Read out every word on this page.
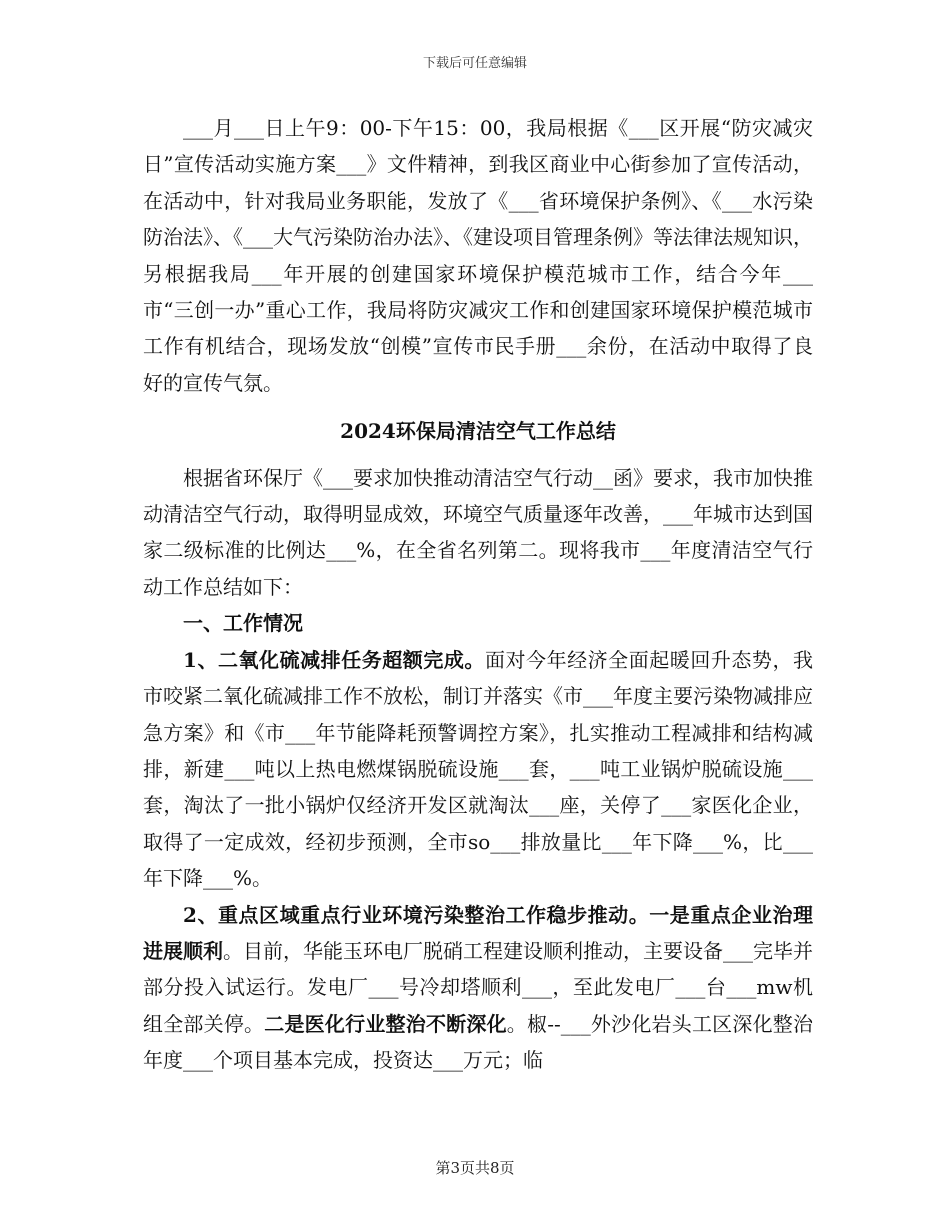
下载后可任意编辑

___月___日上午9：00-下午15：00，我局根据《___区开展“防灾减灾日”宣传活动实施方案___》文件精神，到我区商业中心街参加了宣传活动，在活动中，针对我局业务职能，发放了《___省环境保护条例》、《___水污染防治法》、《___大气污染防治办法》、《建设项目管理条例》等法律法规知识，另根据我局___年开展的创建国家环境保护模范城市工作，结合今年___市“三创一办”重心工作，我局将防灾减灾工作和创建国家环境保护模范城市工作有机结合，现场发放“创模”宣传市民手册___余份，在活动中取得了良好的宣传气氛。

2024环保局清洁空气工作总结

根据省环保厅《___要求加快推动清洁空气行动__函》要求，我市加快推动清洁空气行动，取得明显成效，环境空气质量逐年改善，___年城市达到国家二级标准的比例达___%，在全省名列第二。现将我市___年度清洁空气行动工作总结如下：

一、工作情况

1、二氧化硫减排任务超额完成。面对今年经济全面起暖回升态势，我市咬紧二氧化硫减排工作不放松，制订并落实《市___年度主要污染物减排应急方案》和《市___年节能降耗预警调控方案》，扎实推动工程减排和结构减排，新建___吨以上热电燃煤锅脱硫设施___套，___吨工业锅炉脱硫设施___套，淘汰了一批小锅炉仅经济开发区就淘汰___座，关停了___家医化企业，取得了一定成效，经初步预测，全市so___排放量比___年下降___%，比___年下降___%。

2、重点区域重点行业环境污染整治工作稳步推动。一是重点企业治理进展顺利。目前，华能玉环电厂脱硝工程建设顺利推动，主要设备___完毕并部分投入试运行。发电厂___号冷却塔顺利___，至此发电厂___台___mw机组全部关停。二是医化行业整治不断深化。椒--___外沙化岩头工区深化整治年度___个项目基本完成，投资达___万元；临

第3页共8页
